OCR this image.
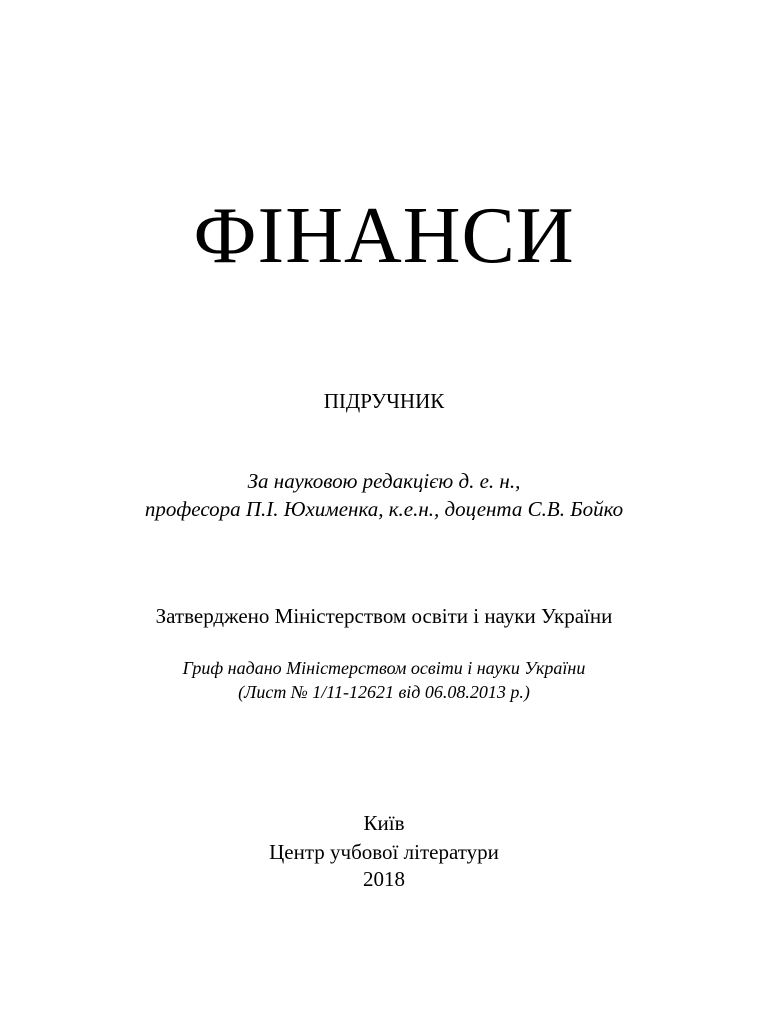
ФІНАНСИ
ПІДРУЧНИК
За науковою редакцією д. е. н.,
професора П.І. Юхименка, к.е.н., доцента С.В. Бойко
Затверджено Міністерством освіти і науки України
Гриф надано Міністерством освіти і науки України
(Лист № 1/11-12621 від 06.08.2013 р.)
Київ
Центр учбової літератури
2018
